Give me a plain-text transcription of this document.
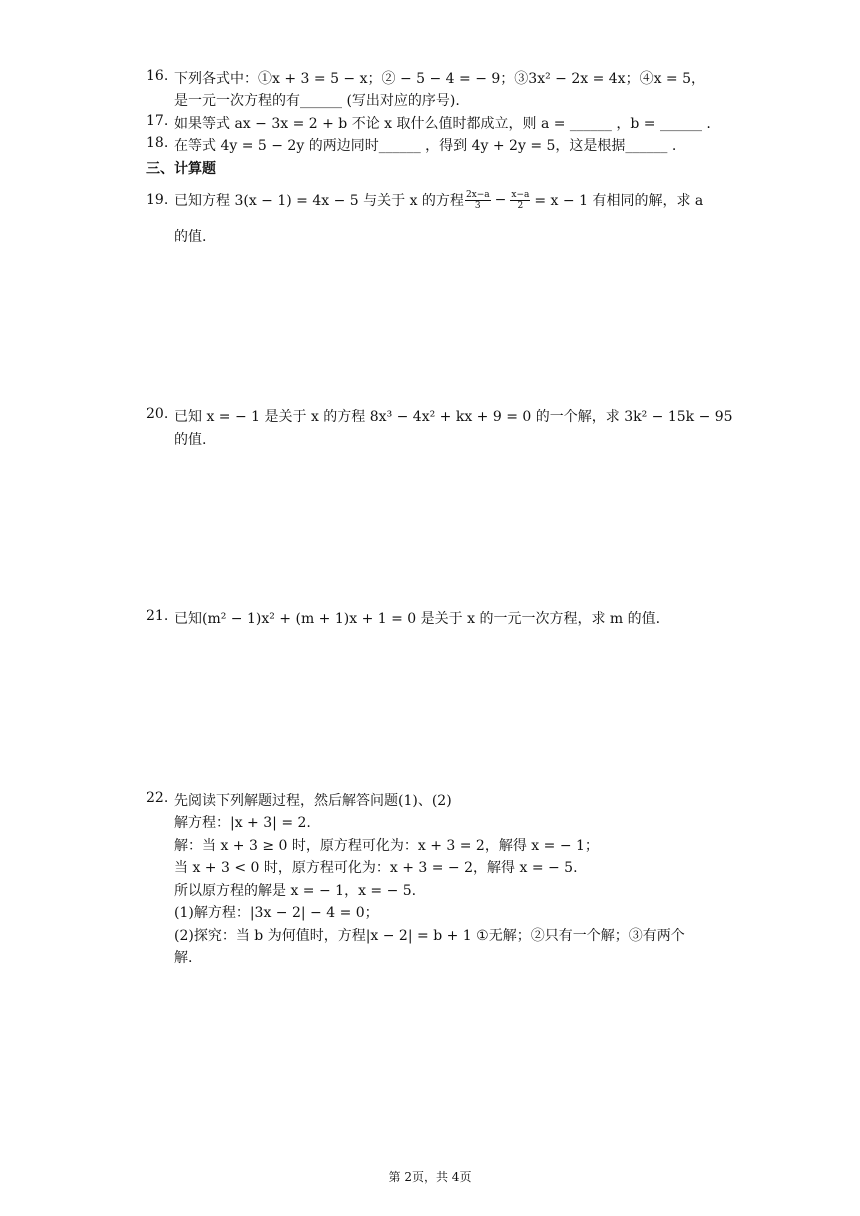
16. 下列各式中：①x + 3 = 5 − x；② − 5 − 4 = − 9；③3x² − 2x = 4x；④x = 5，
是一元一次方程的有______ (写出对应的序号).
17. 如果等式 ax − 3x = 2 + b 不论 x 取什么值时都成立，则 a = ______ ，b = ______ .
18. 在等式 4y = 5 − 2y 的两边同时______ ，得到 4y + 2y = 5，这是根据______ .
三、计算题
19. 已知方程 3(x − 1) = 4x − 5 与关于 x 的方程 $\frac{2x-a}{3} - \frac{x-a}{2} = x - 1$ 有相同的解，求 a
的值.
20. 已知 x = − 1 是关于 x 的方程 8x³ − 4x² + kx + 9 = 0 的一个解，求 3k² − 15k − 95
的值.
21. 已知(m² − 1)x² + (m + 1)x + 1 = 0 是关于 x 的一元一次方程，求 m 的值.
22. 先阅读下列解题过程，然后解答问题(1)、(2)
解方程：|x + 3| = 2.
解：当 x + 3 ≥ 0 时，原方程可化为：x + 3 = 2，解得 x = − 1；
当 x + 3 < 0 时，原方程可化为：x + 3 = − 2，解得 x = − 5.
所以原方程的解是 x = − 1，x = − 5.
(1)解方程：|3x − 2| − 4 = 0；
(2)探究：当 b 为何值时，方程|x − 2| = b + 1 ①无解；②只有一个解；③有两个
解.
第 2页，共 4页
